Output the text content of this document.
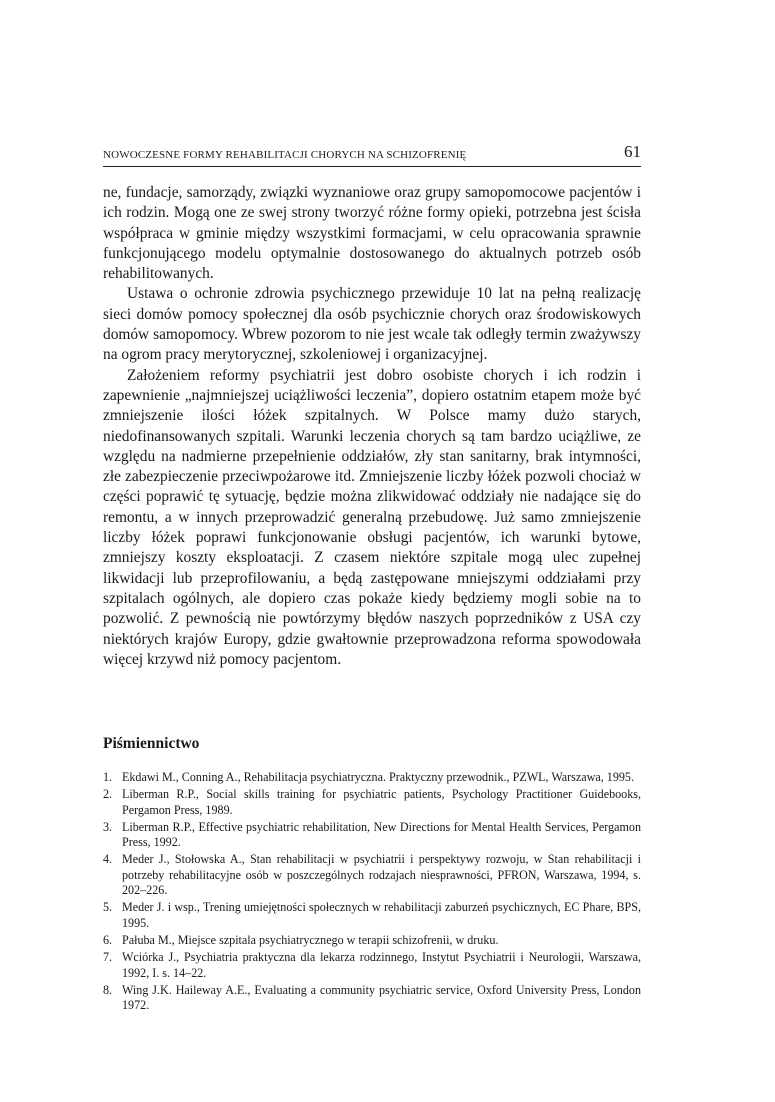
NOWOCZESNE FORMY REHABILITACJI CHORYCH NA SCHIZOFRENIĘ	61

ne, fundacje, samorządy, związki wyznaniowe oraz grupy samopomocowe pacjentów i ich rodzin. Mogą one ze swej strony tworzyć różne formy opieki, potrzebna jest ścisła współpraca w gminie między wszystkimi formacjami, w celu opracowania sprawnie funkcjonującego modelu optymalnie dostosowanego do aktualnych potrzeb osób rehabilitowanych.

Ustawa o ochronie zdrowia psychicznego przewiduje 10 lat na pełną realizację sieci domów pomocy społecznej dla osób psychicznie chorych oraz środowiskowych domów samopomocy. Wbrew pozorom to nie jest wcale tak odległy termin zważywszy na ogrom pracy merytorycznej, szkoleniowej i organizacyjnej.

Założeniem reformy psychiatrii jest dobro osobiste chorych i ich rodzin i zapewnienie „najmniejszej uciążliwości leczenia”, dopiero ostatnim etapem może być zmniejszenie ilości łóżek szpitalnych. W Polsce mamy dużo starych, niedofinansowanych szpitali. Warunki leczenia chorych są tam bardzo uciążliwe, ze względu na nadmierne przepełnienie oddziałów, zły stan sanitarny, brak intymności, złe zabezpieczenie przeciwpożarowe itd. Zmniejszenie liczby łóżek pozwoli chociaż w części poprawić tę sytuację, będzie można zlikwidować oddziały nie nadające się do remontu, a w innych przeprowadzić generalną przebudowę. Już samo zmniejszenie liczby łóżek poprawi funkcjonowanie obsługi pacjentów, ich warunki bytowe, zmniejszy koszty eksploatacji. Z czasem niektóre szpitale mogą ulec zupełnej likwidacji lub przeprofilowaniu, a będą zastępowane mniejszymi oddziałami przy szpitalach ogólnych, ale dopiero czas pokaże kiedy będziemy mogli sobie na to pozwolić. Z pewnością nie powtórzymy błędów naszych poprzedników z USA czy niektórych krajów Europy, gdzie gwałtownie przeprowadzona reforma spowodowała więcej krzywd niż pomocy pacjentom.

Piśmiennictwo
1. Ekdawi M., Conning A., Rehabilitacja psychiatryczna. Praktyczny przewodnik., PZWL, Warszawa, 1995.
2. Liberman R.P., Social skills training for psychiatric patients, Psychology Practitioner Guidebooks, Pergamon Press, 1989.
3. Liberman R.P., Effective psychiatric rehabilitation, New Directions for Mental Health Services, Pergamon Press, 1992.
4. Meder J., Stołowska A., Stan rehabilitacji w psychiatrii i perspektywy rozwoju, w Stan rehabilitacji i potrzeby rehabilitacyjne osób w poszczególnych rodzajach niesprawności, PFRON, Warszawa, 1994, s. 202–226.
5. Meder J. i wsp., Trening umiejętności społecznych w rehabilitacji zaburzeń psychicznych, EC Phare, BPS, 1995.
6. Pałuba M., Miejsce szpitala psychiatrycznego w terapii schizofrenii, w druku.
7. Wciórka J., Psychiatria praktyczna dla lekarza rodzinnego, Instytut Psychiatrii i Neurologii, Warszawa, 1992, I. s. 14–22.
8. Wing J.K. Haileway A.E., Evaluating a community psychiatric service, Oxford University Press, London 1972.
